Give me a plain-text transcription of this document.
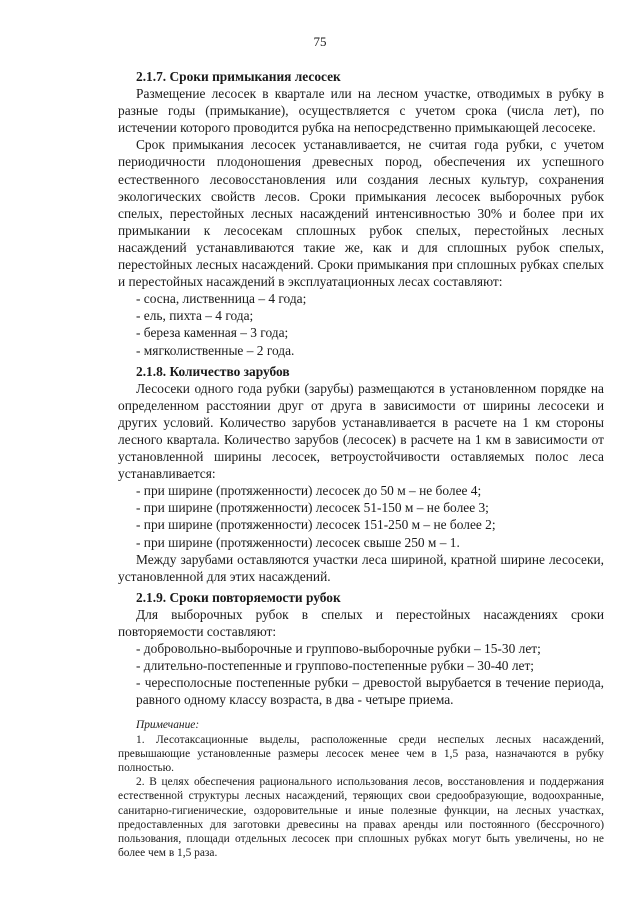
75
2.1.7. Сроки примыкания лесосек

Размещение лесосек в квартале или на лесном участке, отводимых в рубку в разные годы (примыкание), осуществляется с учетом срока (числа лет), по истечении которого проводится рубка на непосредственно примыкающей лесосеке.

Срок примыкания лесосек устанавливается, не считая года рубки, с учетом периодичности плодоношения древесных пород, обеспечения их успешного естественного лесовосстановления или создания лесных культур, сохранения экологических свойств лесов. Сроки примыкания лесосек выборочных рубок спелых, перестойных лесных насаждений интенсивностью 30% и более при их примыкании к лесосекам сплошных рубок спелых, перестойных лесных насаждений устанавливаются такие же, как и для сплошных рубок спелых, перестойных лесных насаждений. Сроки примыкания при сплошных рубках спелых и перестойных насаждений в эксплуатационных лесах составляют:

- сосна, лиственница – 4 года;
- ель, пихта – 4 года;
- береза каменная – 3 года;
- мягколиственные – 2 года.
2.1.8. Количество зарубов

Лесосеки одного года рубки (зарубы) размещаются в установленном порядке на определенном расстоянии друг от друга в зависимости от ширины лесосеки и других условий. Количество зарубов устанавливается в расчете на 1 км стороны лесного квартала. Количество зарубов (лесосек) в расчете на 1 км в зависимости от установленной ширины лесосек, ветроустойчивости оставляемых полос леса устанавливается:

- при ширине (протяженности) лесосек до 50 м – не более 4;
- при ширине (протяженности) лесосек 51-150 м – не более 3;
- при ширине (протяженности) лесосек 151-250 м – не более 2;
- при ширине (протяженности) лесосек свыше 250 м – 1.

Между зарубами оставляются участки леса шириной, кратной ширине лесосеки, установленной для этих насаждений.

2.1.9. Сроки повторяемости рубок

Для выборочных рубок в спелых и перестойных насаждениях сроки повторяемости составляют:

- добровольно-выборочные и группово-выборочные рубки – 15-30 лет;
- длительно-постепенные и группово-постепенные рубки – 30-40 лет;
- чересполосные постепенные рубки – древостой вырубается в течение периода, равного одному классу возраста, в два - четыре приема.
Примечание:

1. Лесотаксационные выделы, расположенные среди неспелых лесных насаждений, превышающие установленные размеры лесосек менее чем в 1,5 раза, назначаются в рубку полностью.

2. В целях обеспечения рационального использования лесов, восстановления и поддержания естественной структуры лесных насаждений, теряющих свои средообразующие, водоохранные, санитарно-гигиенические, оздоровительные и иные полезные функции, на лесных участках, предоставленных для заготовки древесины на правах аренды или постоянного (бессрочного) пользования, площади отдельных лесосек при сплошных рубках могут быть увеличены, но не более чем в 1,5 раза.
